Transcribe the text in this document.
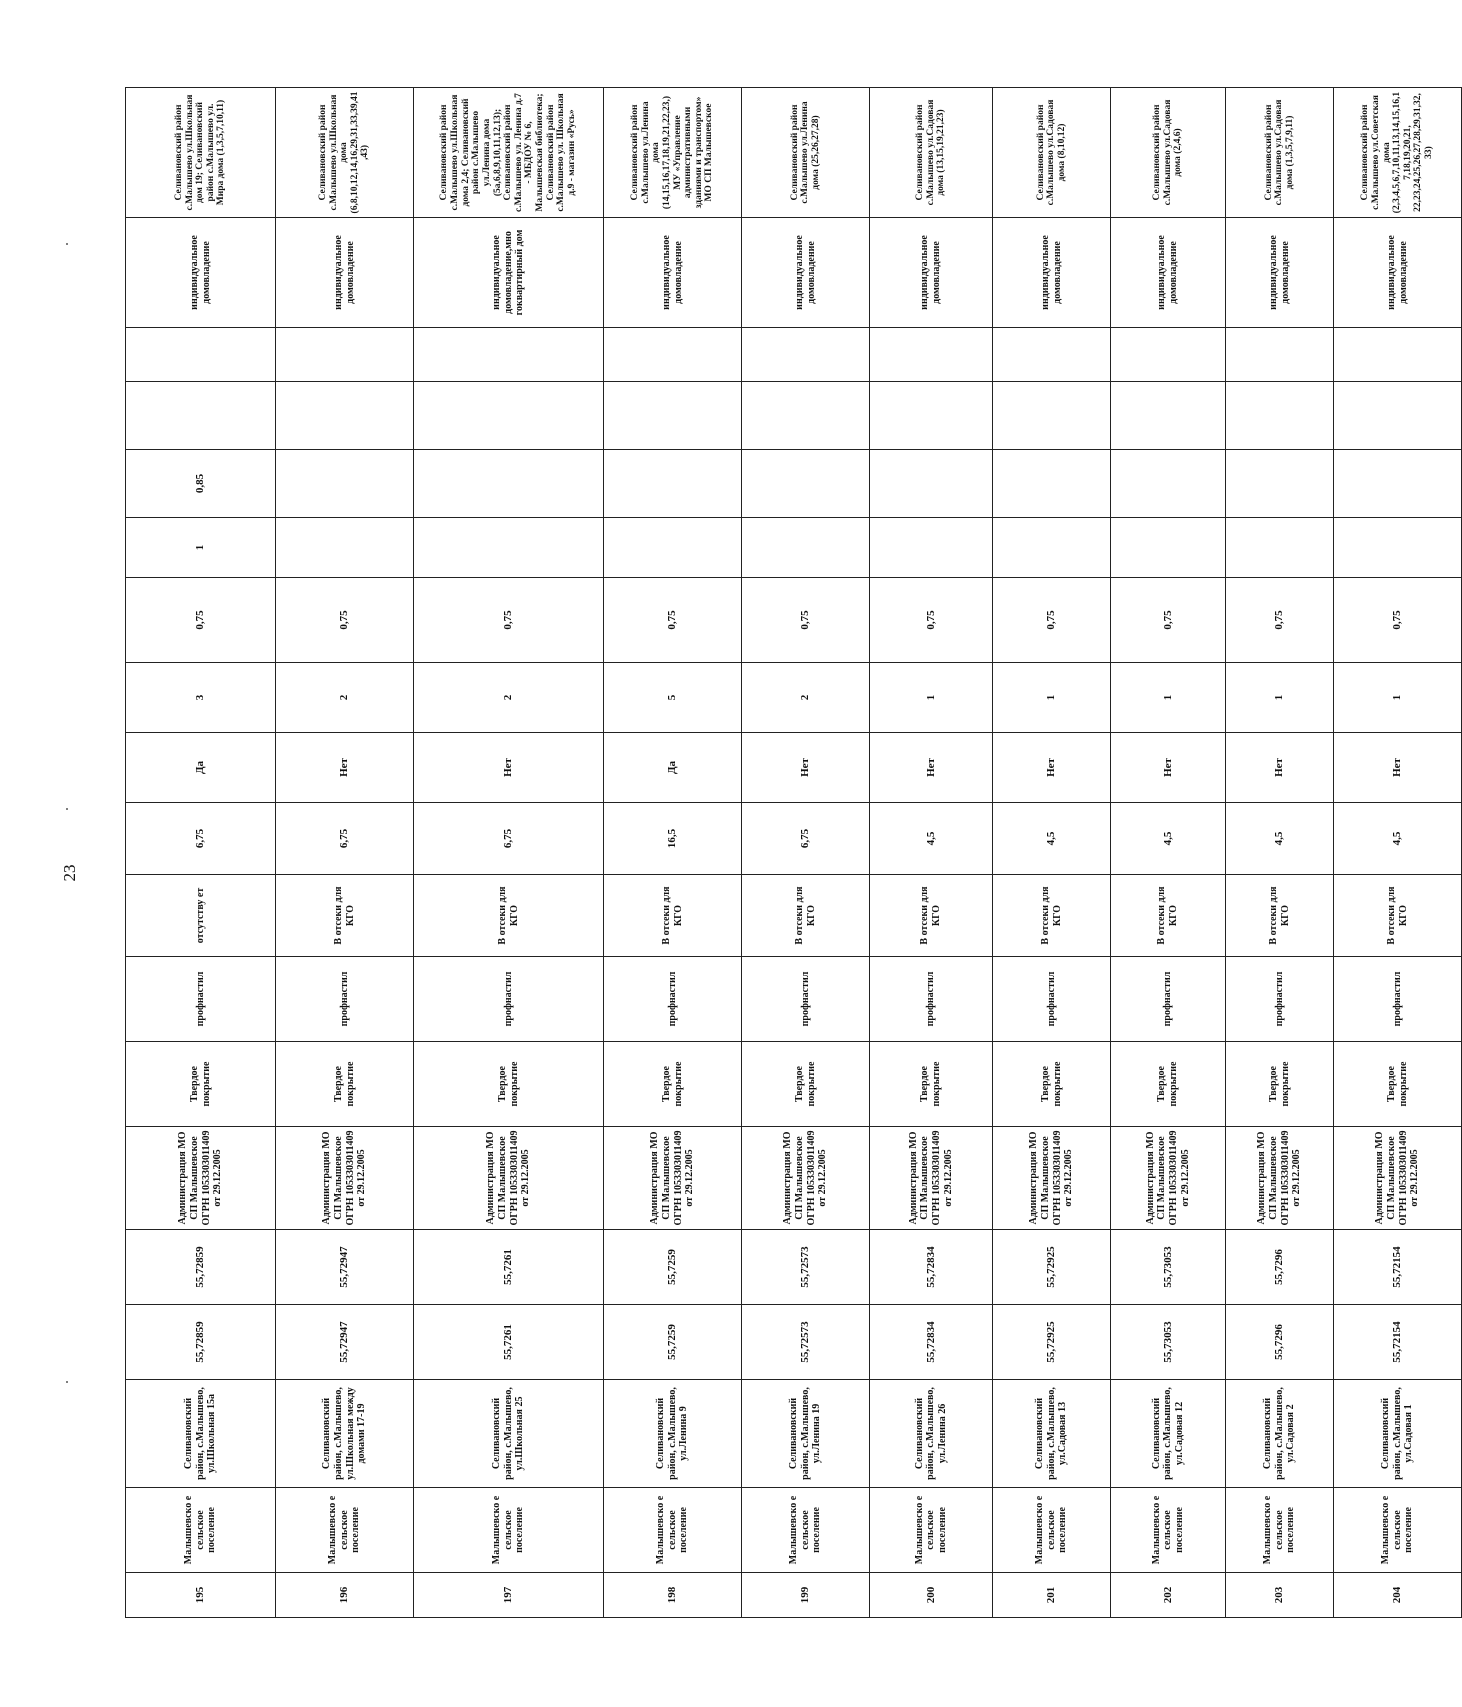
23
195	Малышевско е сельское поселение	Селивановский район, с.Малышево, ул.Школьная 15а	55,72859	55,72859	Администрация МО СП Малышевское ОГРН 1053303011409 от 29.12.2005	Твердое покрытие	профнастил	отсутству ет	6,75	Да	3	0,75	1	0,85			индивидуальное домовладение	Селивановский район с.Малышево ул.Школьная дом 19; Селивановский район с.Малышево ул. Мира дома (1,3,5,7,10,11)
196	Малышевско е сельское поселение	Селивановский район, с.Малышево, ул.Школьная между домами 17-19	55,72947	55,72947	Администрация МО СП Малышевское ОГРН 1053303011409 от 29.12.2005	Твердое покрытие	профнастил	В отсеки для КГО	6,75	Нет	2	0,75					индивидуальное домовладение	Селивановский район с.Малышево ул.Школьная дома (6,8,10,12,14,16,29,31,33,39,41,43)
197	Малышевско е сельское поселение	Селивановский район, с.Малышево, ул.Школьная 25	55,7261	55,7261	Администрация МО СП Малышевское ОГРН 1053303011409 от 29.12.2005	Твердое покрытие	профнастил	В отсеки для КГО	6,75	Нет	2	0,75					индивидуальное домовладение,мно гоквартирный дом	Селивановский район с.Малышево ул.Школьная дома 2,4; Селивановский район с.Малышево ул.Ленина дома (5а,6,8,9,10,11,12,13); Селивановский район с.Малышево ул. Ленина д.7 - МБДОУ № 6, Малышевская библиотека; Селивановский район с.Малышево ул. Школьная д.9 - магазин «Русь»
198	Малышевско е сельское поселение	Селивановский район, с.Малышево, ул.Ленина 9	55,7259	55,7259	Администрация МО СП Малышевское ОГРН 1053303011409 от 29.12.2005	Твердое покрытие	профнастил	В отсеки для КГО	16,5	Да	5	0,75					индивидуальное домовладение	Селивановский район с.Малышево ул.Ленина дома (14,15,16,17,18,19,21,22,23,) МУ «Управление административными зданиями и транспортом» МО СП Малышевское
199	Малышевско е сельское поселение	Селивановский район, с.Малышево, ул.Ленина 19	55,72573	55,72573	Администрация МО СП Малышевское ОГРН 1053303011409 от 29.12.2005	Твердое покрытие	профнастил	В отсеки для КГО	6,75	Нет	2	0,75					индивидуальное домовладение	Селивановский район с.Малышево ул.Ленина дома (25,26,27,28)
200	Малышевско е сельское поселение	Селивановский район, с.Малышево, ул.Ленина 26	55,72834	55,72834	Администрация МО СП Малышевское ОГРН 1053303011409 от 29.12.2005	Твердое покрытие	профнастил	В отсеки для КГО	4,5	Нет	1	0,75					индивидуальное домовладение	Селивановский район с.Малышево ул.Садовая дома (13,15,19,21,23)
201	Малышевско е сельское поселение	Селивановский район, с.Малышево, ул.Садовая 13	55,72925	55,72925	Администрация МО СП Малышевское ОГРН 1053303011409 от 29.12.2005	Твердое покрытие	профнастил	В отсеки для КГО	4,5	Нет	1	0,75					индивидуальное домовладение	Селивановский район с.Малышево ул.Садовая дома (8,10,12)
202	Малышевско е сельское поселение	Селивановский район, с.Малышево, ул.Садовая 12	55,73053	55,73053	Администрация МО СП Малышевское ОГРН 1053303011409 от 29.12.2005	Твердое покрытие	профнастил	В отсеки для КГО	4,5	Нет	1	0,75					индивидуальное домовладение	Селивановский район с.Малышево ул.Садовая дома (2,4,6)
203	Малышевско е сельское поселение	Селивановский район, с.Малышево, ул.Садовая 2	55,7296	55,7296	Администрация МО СП Малышевское ОГРН 1053303011409 от 29.12.2005	Твердое покрытие	профнастил	В отсеки для КГО	4,5	Нет	1	0,75					индивидуальное домовладение	Селивановский район с.Малышево ул.Садовая дома (1,3,5,7,9,11)
204	Малышевско е сельское поселение	Селивановский район, с.Малышево, ул.Садовая 1	55,72154	55,72154	Администрация МО СП Малышевское ОГРН 1053303011409 от 29.12.2005	Твердое покрытие	профнастил	В отсеки для КГО	4,5	Нет	1	0,75					индивидуальное домовладение	Селивановский район с.Малышево ул.Советская дома (2,3,4,5,6,7,10,11,13,14,15,16,17,18,19,20,21, 22,23,24,25,26,27,28,29,31,32,33)
